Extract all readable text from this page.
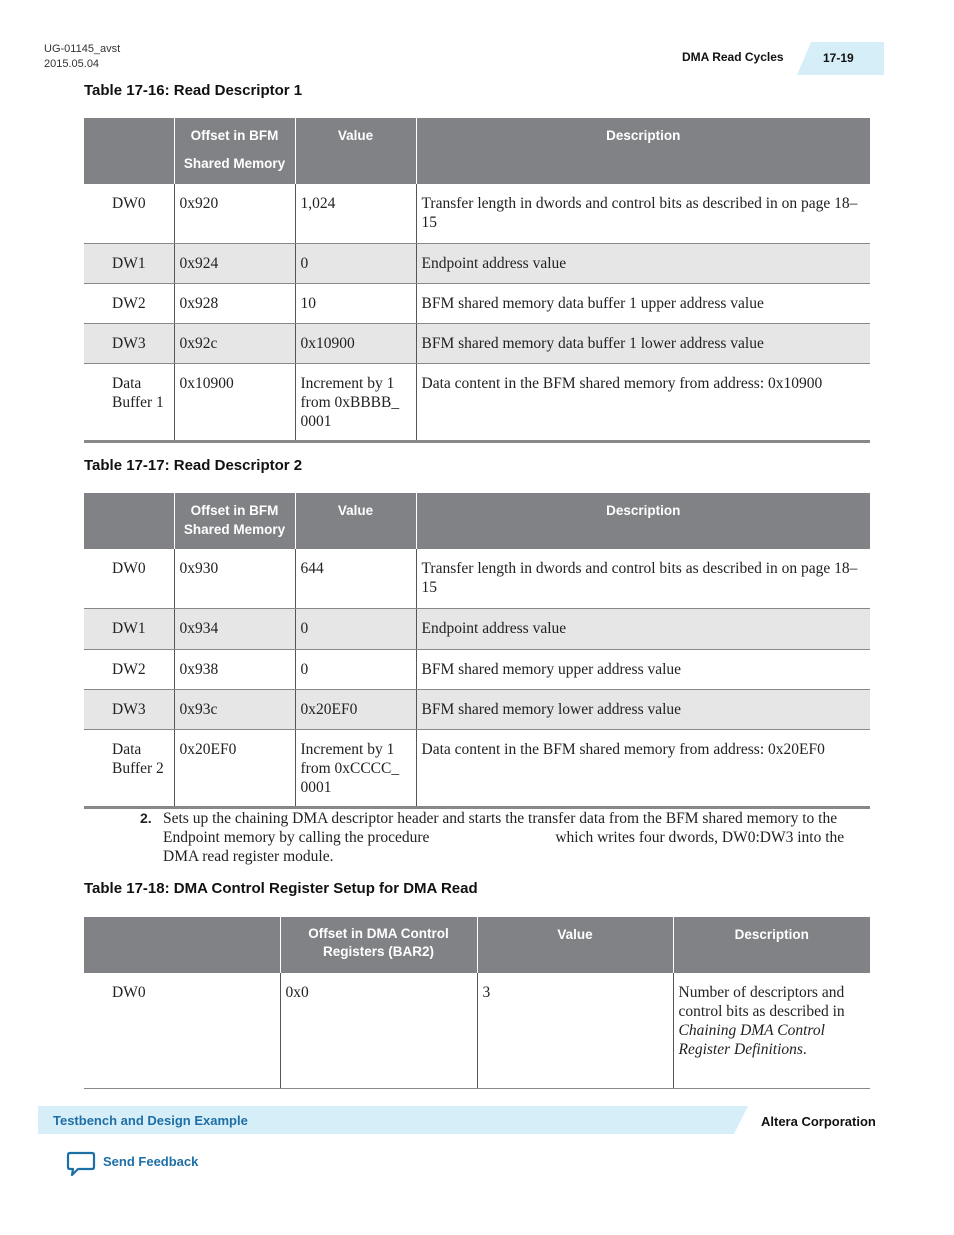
UG-01145_avst
2015.05.04	DMA Read Cycles	17-19
Table 17-16: Read Descriptor 1
	Offset in BFM Shared Memory	Value	Description
DW0	0x920	1,024	Transfer length in dwords and control bits as described in on page 18–15
DW1	0x924	0	Endpoint address value
DW2	0x928	10	BFM shared memory data buffer 1 upper address value
DW3	0x92c	0x10900	BFM shared memory data buffer 1 lower address value
Data Buffer 1	0x10900	Increment by 1 from 0xBBBB_ 0001	Data content in the BFM shared memory from address: 0x10900
Table 17-17: Read Descriptor 2
	Offset in BFM Shared Memory	Value	Description
DW0	0x930	644	Transfer length in dwords and control bits as described in on page 18–15
DW1	0x934	0	Endpoint address value
DW2	0x938	0	BFM shared memory upper address value
DW3	0x93c	0x20EF0	BFM shared memory lower address value
Data Buffer 2	0x20EF0	Increment by 1 from 0xCCCC_ 0001	Data content in the BFM shared memory from address: 0x20EF0
2. Sets up the chaining DMA descriptor header and starts the transfer data from the BFM shared memory to the Endpoint memory by calling the procedure	which writes four dwords, DW0:DW3 into the DMA read register module.
Table 17-18: DMA Control Register Setup for DMA Read
	Offset in DMA Control Registers (BAR2)	Value	Description
DW0	0x0	3	Number of descriptors and control bits as described in Chaining DMA Control Register Definitions.
Testbench and Design Example	Altera Corporation
Send Feedback
